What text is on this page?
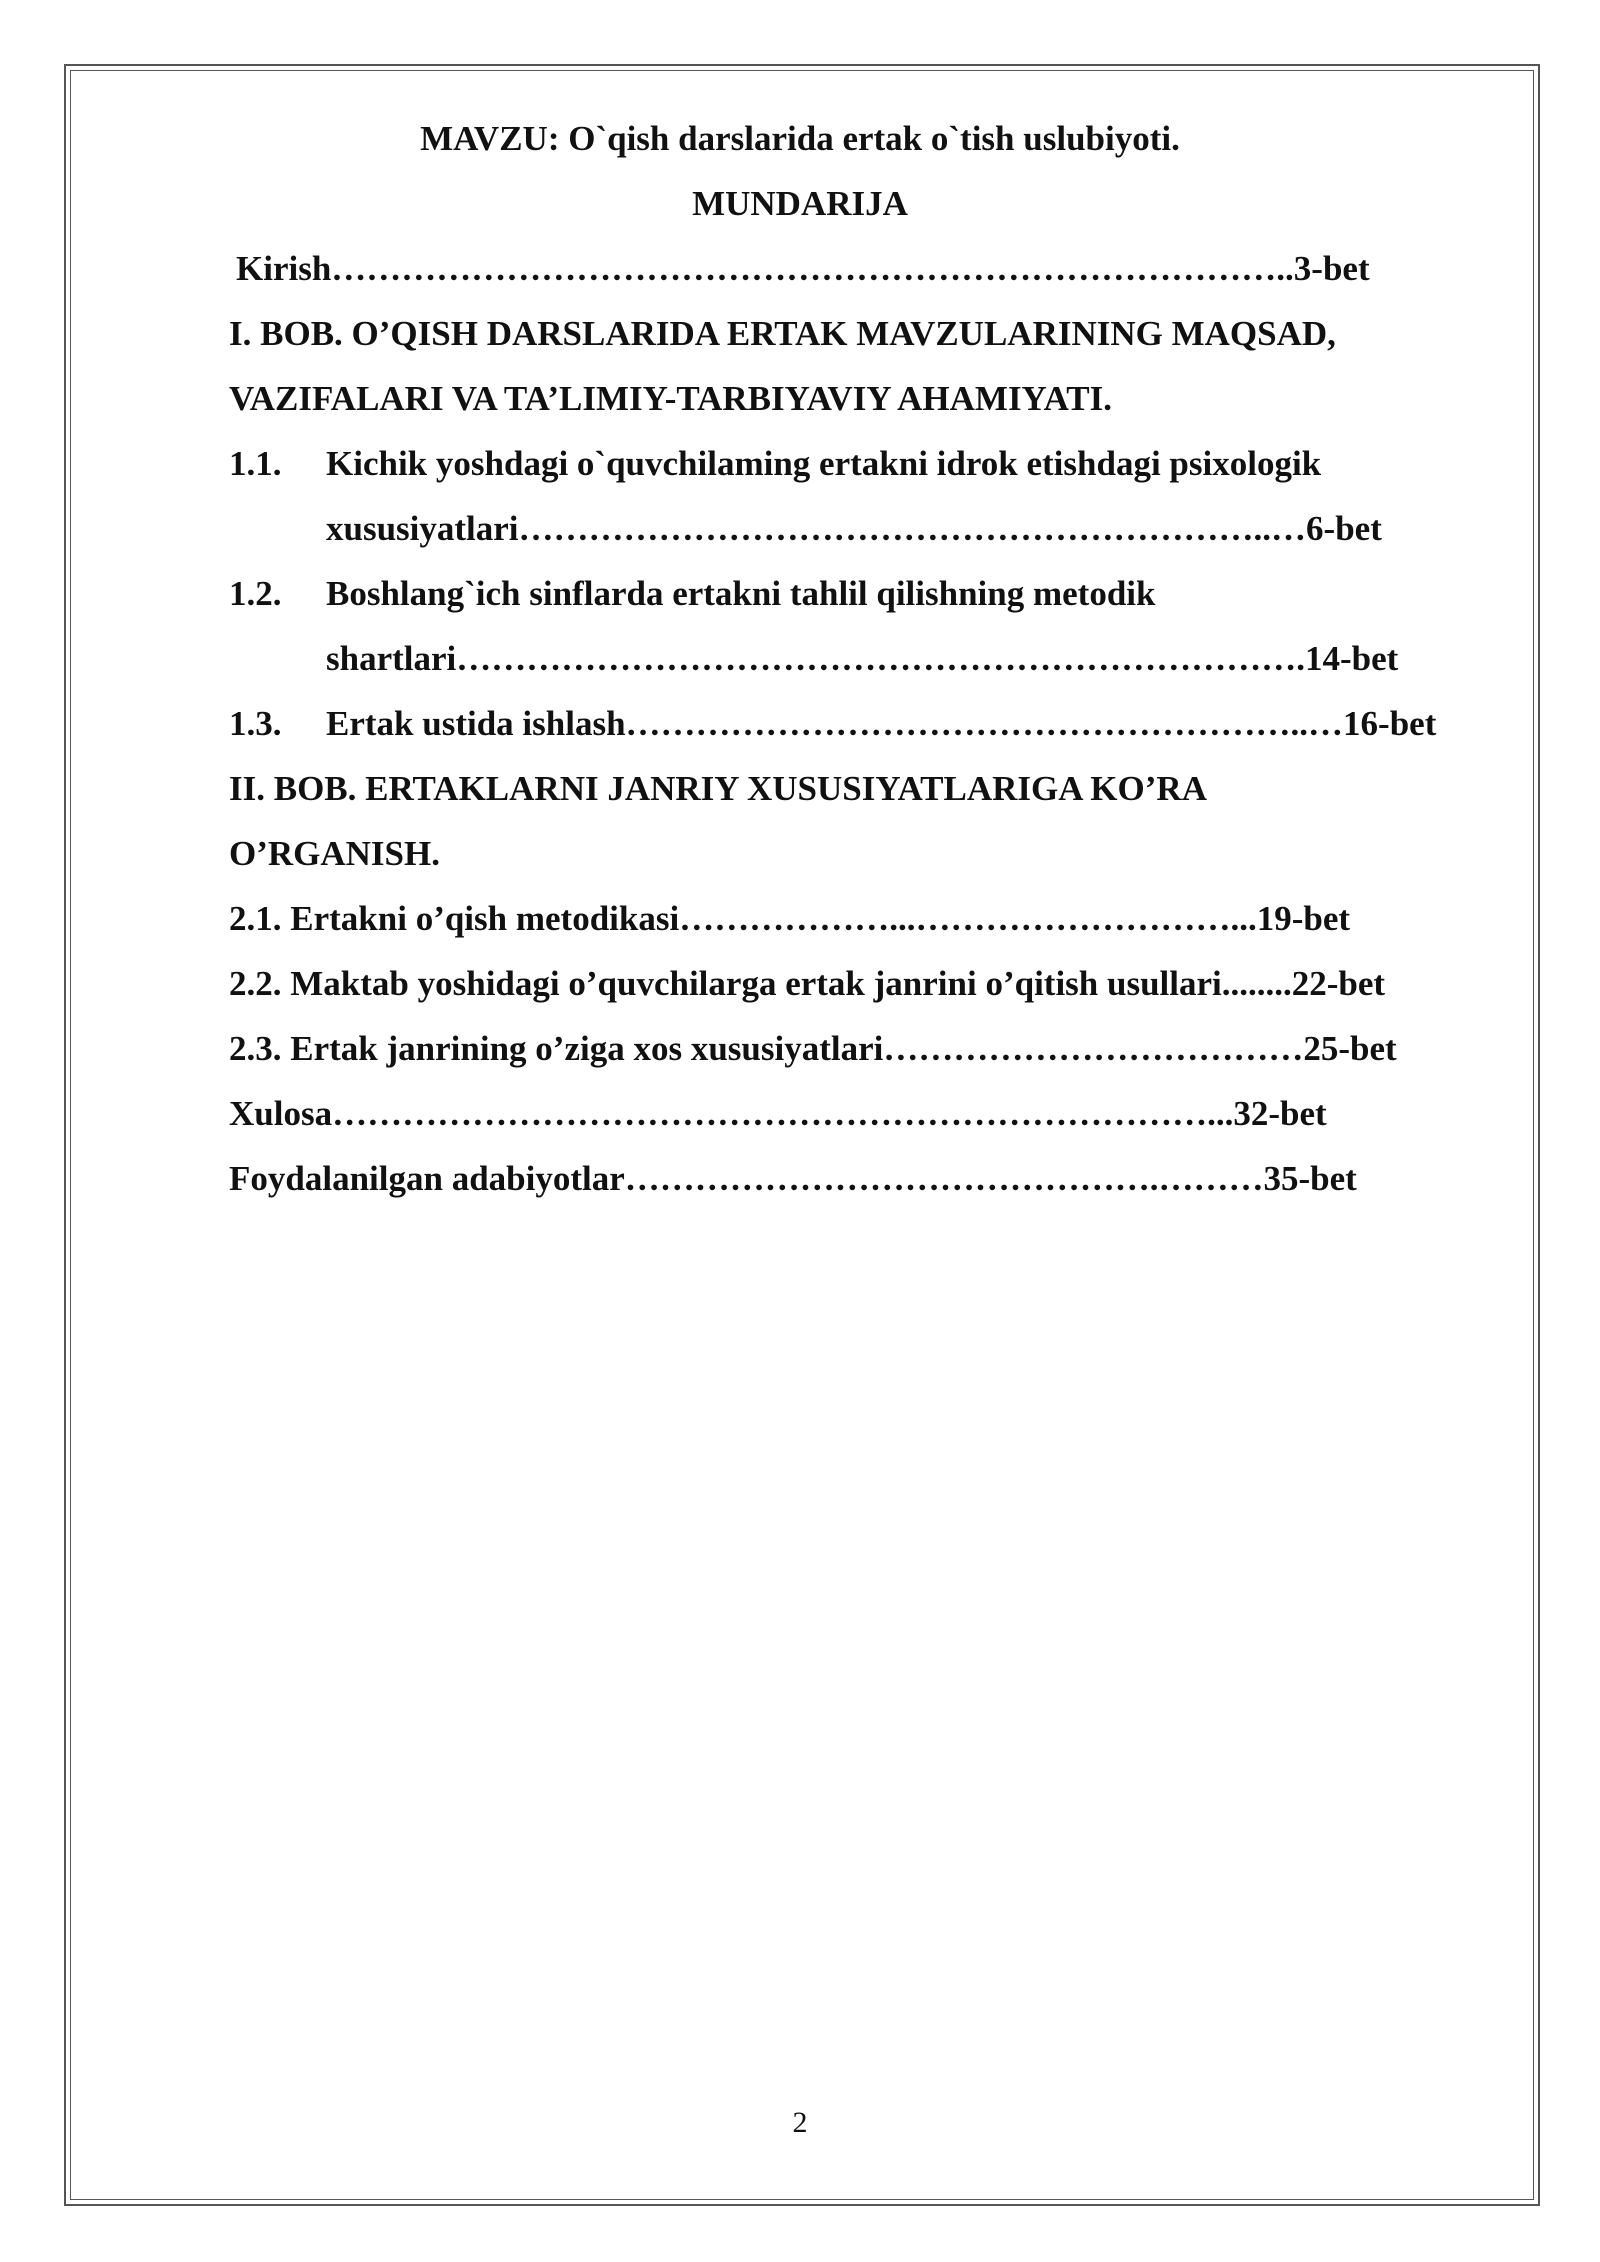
MAVZU: O`qish darslarida ertak o`tish uslubiyoti.
MUNDARIJA
Kirish………………………………………………………………………..3-bet
I. BOB. O’QISH DARSLARIDA ERTAK MAVZULARINING MAQSAD,
VAZIFALARI VA TA’LIMIY-TARBIYAVIY AHAMIYATI.
1.1. Kichik yoshdagi o`quvchilaming ertakni idrok etishdagi psixologik
xususiyatlari………………………………………………………..…6-bet
1.2. Boshlang`ich sinflarda ertakni tahlil qilishning metodik
shartlari……………………………………………………………….14-bet
1.3. Ertak ustida ishlash…………………………………………………..…16-bet
II. BOB. ERTAKLARNI JANRIY XUSUSIYATLARIGA KO’RA
O’RGANISH.
2.1. Ertakni o’qish metodikasi………………...………………………...19-bet
2.2. Maktab yoshidagi o’quvchilarga ertak janrini o’qitish usullari........22-bet
2.3. Ertak janrining o’ziga xos xususiyatlari………………………………25-bet
Xulosa…………………………………………………………………...32-bet
Foydalanilgan adabiyotlar……………………………………….………35-bet
2
